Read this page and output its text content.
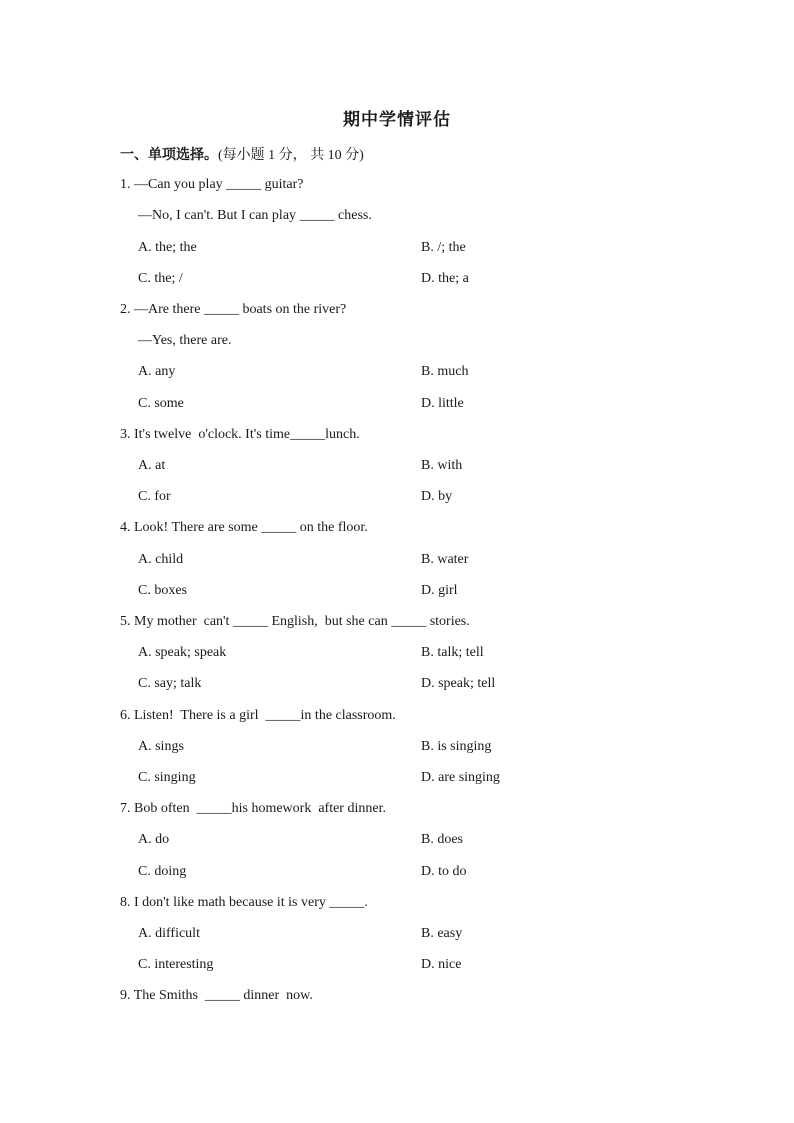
期中学情评估
一、单项选择。(每小题 1 分， 共 10 分)
1. —Can you play _____ guitar?
—No, I can't. But I can play _____ chess.
A. the; the	B. /; the
C. the; /	D. the; a
2. —Are there _____ boats on the river?
—Yes, there are.
A. any	B. much
C. some	D. little
3. It's twelve  o'clock. It's time_____lunch.
A. at	B. with
C. for	D. by
4. Look! There are some _____ on the floor.
A. child	B. water
C. boxes	D. girl
5. My mother  can't _____ English,  but she can _____ stories.
A. speak; speak	B. talk; tell
C. say; talk	D. speak; tell
6. Listen!  There is a girl  _____in the classroom.
A. sings	B. is singing
C. singing	D. are singing
7. Bob often  _____his homework  after dinner.
A. do	B. does
C. doing	D. to do
8. I don't like math because it is very _____.
A. difficult	B. easy
C. interesting	D. nice
9. The Smiths  _____ dinner  now.
